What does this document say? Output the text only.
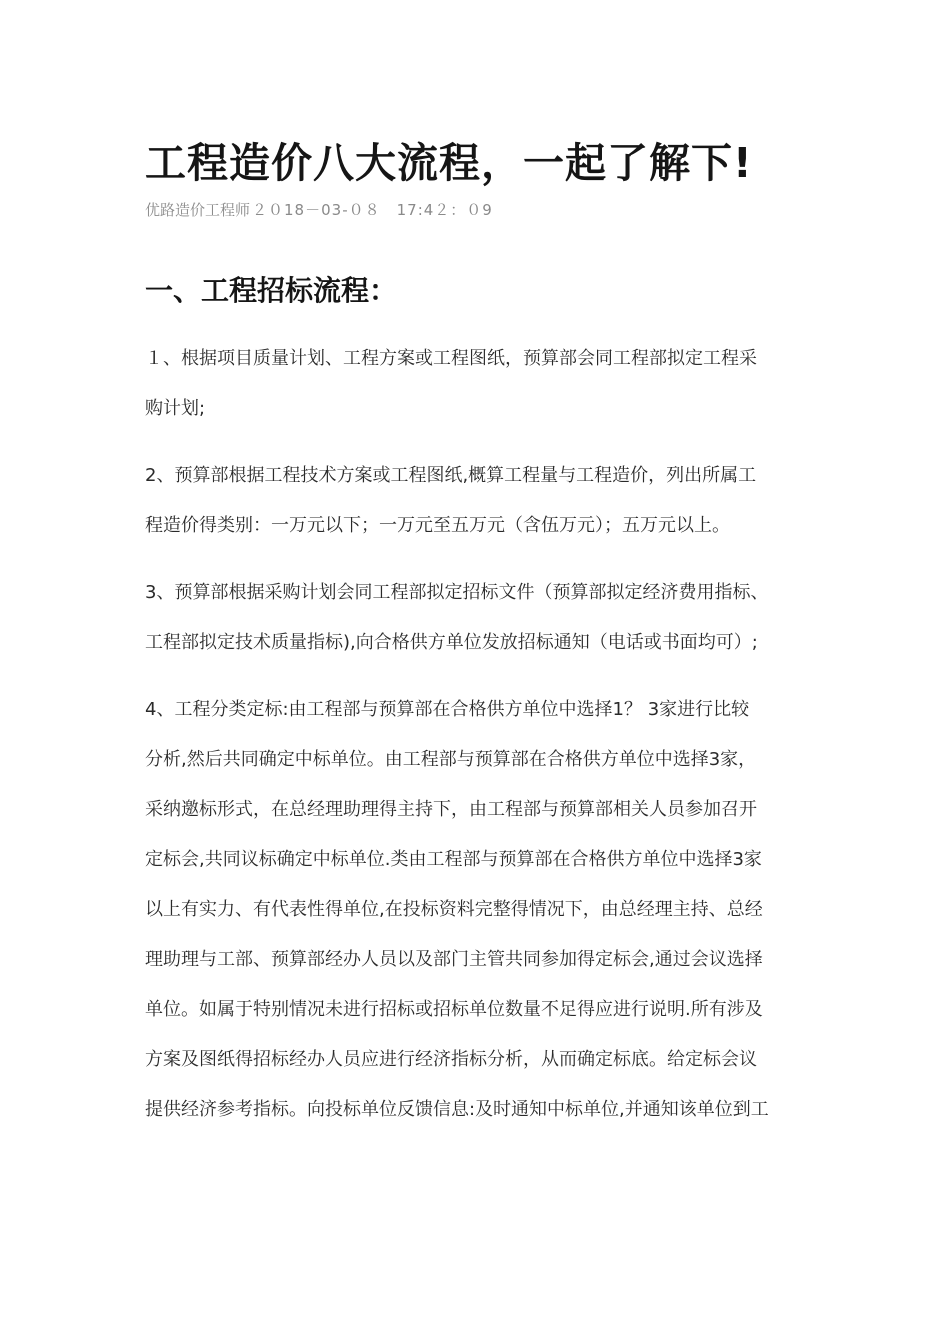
工程造价八大流程，一起了解下!
优路造价工程师 ２０18－03-０８　17:4２：０9
一、工程招标流程：

１、根据项目质量计划、工程方案或工程图纸，预算部会同工程部拟定工程采
购计划;

2、预算部根据工程技术方案或工程图纸,概算工程量与工程造价，列出所属工
程造价得类别：一万元以下；一万元至五万元（含伍万元）；五万元以上。

3、预算部根据采购计划会同工程部拟定招标文件（预算部拟定经济费用指标、
工程部拟定技术质量指标),向合格供方单位发放招标通知（电话或书面均可）;

4、工程分类定标:由工程部与预算部在合格供方单位中选择1？ 3家进行比较
分析,然后共同确定中标单位。由工程部与预算部在合格供方单位中选择3家，
采纳邀标形式，在总经理助理得主持下，由工程部与预算部相关人员参加召开
定标会,共同议标确定中标单位.类由工程部与预算部在合格供方单位中选择3家
以上有实力、有代表性得单位,在投标资料完整得情况下，由总经理主持、总经
理助理与工部、预算部经办人员以及部门主管共同参加得定标会,通过会议选择
单位。如属于特别情况未进行招标或招标单位数量不足得应进行说明.所有涉及
方案及图纸得招标经办人员应进行经济指标分析，从而确定标底。给定标会议
提供经济参考指标。向投标单位反馈信息:及时通知中标单位,并通知该单位到工
